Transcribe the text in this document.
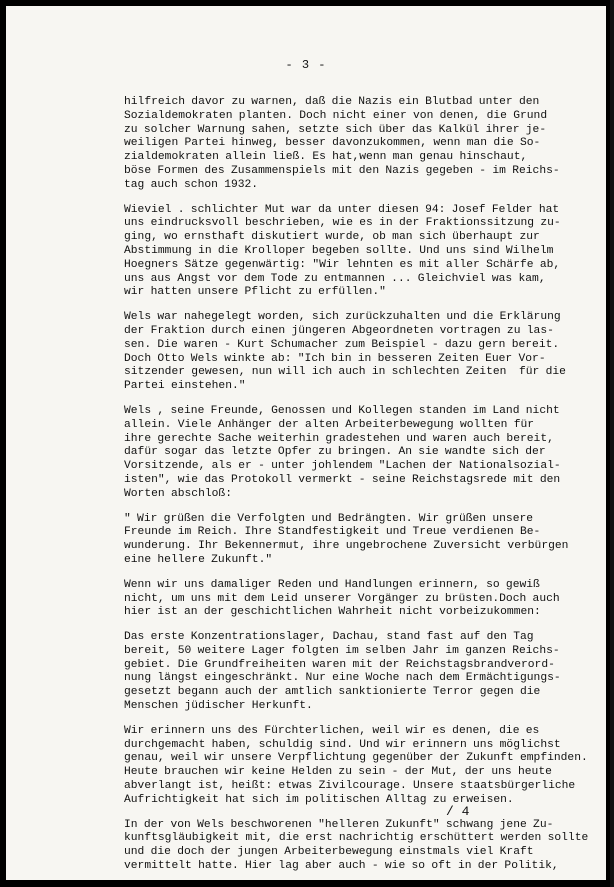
- 3 -

hilfreich davor zu warnen, daß die Nazis ein Blutbad unter den
Sozialdemokraten planten. Doch nicht einer von denen, die Grund
zu solcher Warnung sahen, setzte sich über das Kalkül ihrer je-
weiligen Partei hinweg, besser davonzukommen, wenn man die So-
zialdemokraten allein ließ. Es hat,wenn man genau hinschaut,
böse Formen des Zusammenspiels mit den Nazis gegeben - im Reichs-
tag auch schon 1932.

Wieviel . schlichter Mut war da unter diesen 94: Josef Felder hat
uns eindrucksvoll beschrieben, wie es in der Fraktionssitzung zu-
ging, wo ernsthaft diskutiert wurde, ob man sich überhaupt zur
Abstimmung in die Krolloper begeben sollte. Und uns sind Wilhelm
Hoegners Sätze gegenwärtig: "Wir lehnten es mit aller Schärfe ab,
uns aus Angst vor dem Tode zu entmannen ... Gleichviel was kam,
wir hatten unsere Pflicht zu erfüllen."

Wels war nahegelegt worden, sich zurückzuhalten und die Erklärung
der Fraktion durch einen jüngeren Abgeordneten vortragen zu las-
sen. Die waren - Kurt Schumacher zum Beispiel - dazu gern bereit.
Doch Otto Wels winkte ab: "Ich bin in besseren Zeiten Euer Vor-
sitzender gewesen, nun will ich auch in schlechten Zeiten  für die
Partei einstehen."

Wels , seine Freunde, Genossen und Kollegen standen im Land nicht
allein. Viele Anhänger der alten Arbeiterbewegung wollten für
ihre gerechte Sache weiterhin gradestehen und waren auch bereit,
dafür sogar das letzte Opfer zu bringen. An sie wandte sich der
Vorsitzende, als er - unter johlendem "Lachen der Nationalsozial-
isten", wie das Protokoll vermerkt - seine Reichstagsrede mit den
Worten abschloß:

" Wir grüßen die Verfolgten und Bedrängten. Wir grüßen unsere
Freunde im Reich. Ihre Standfestigkeit und Treue verdienen Be-
wunderung. Ihr Bekennermut, ihre ungebrochene Zuversicht verbürgen
eine hellere Zukunft."

Wenn wir uns damaliger Reden und Handlungen erinnern, so gewiß
nicht, um uns mit dem Leid unserer Vorgänger zu brüsten.Doch auch
hier ist an der geschichtlichen Wahrheit nicht vorbeizukommen:

Das erste Konzentrationslager, Dachau, stand fast auf den Tag
bereit, 50 weitere Lager folgten im selben Jahr im ganzen Reichs-
gebiet. Die Grundfreiheiten waren mit der Reichstagsbrandverord-
nung längst eingeschränkt. Nur eine Woche nach dem Ermächtigungs-
gesetzt begann auch der amtlich sanktionierte Terror gegen die
Menschen jüdischer Herkunft.

Wir erinnern uns des Fürchterlichen, weil wir es denen, die es
durchgemacht haben, schuldig sind. Und wir erinnern uns möglichst
genau, weil wir unsere Verpflichtung gegenüber der Zukunft empfinden.
Heute brauchen wir keine Helden zu sein - der Mut, der uns heute
abverlangt ist, heißt: etwas Zivilcourage. Unsere staatsbürgerliche
Aufrichtigkeit hat sich im politischen Alltag zu erweisen.

In der von Wels beschworenen "helleren Zukunft" schwang jene Zu-
kunftsgläubigkeit mit, die erst nachrichtig erschüttert werden sollte
und die doch der jungen Arbeiterbewegung einstmals viel Kraft
vermittelt hatte. Hier lag aber auch - wie so oft in der Politik,

/ 4
